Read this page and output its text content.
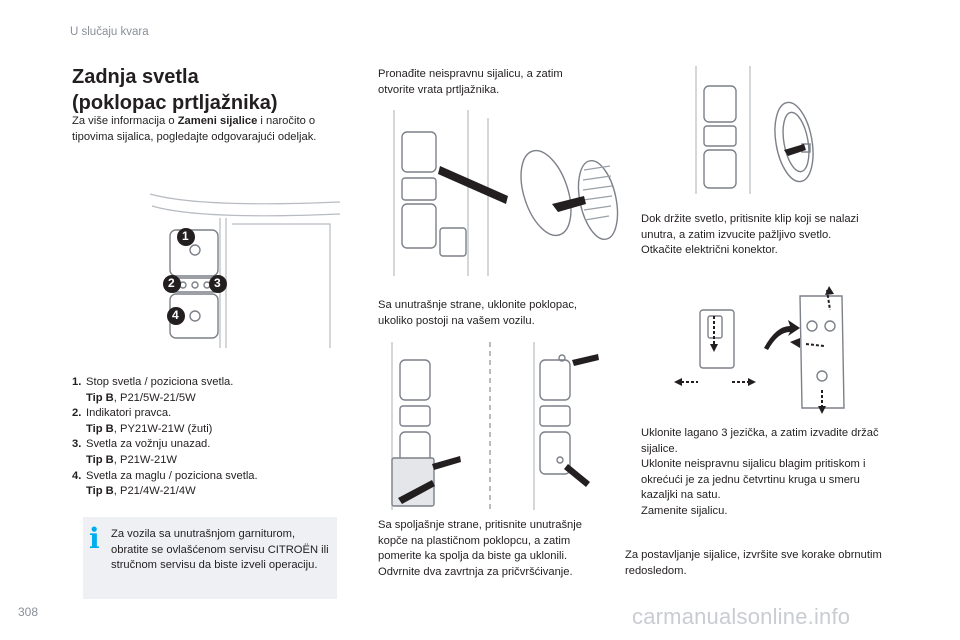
U slučaju kvara
308	carmanualsonline.info
Zadnja svetla
(poklopac prtljažnika)
Za više informacija o Zameni sijalice i naročito o tipovima sijalica, pogledajte odgovarajući odeljak.
1
2	3
4
1. Stop svetla / poziciona svetla.
Tip B, P21/5W-21/5W
2. Indikatori pravca.
Tip B, PY21W-21W (žuti)
3. Svetla za vožnju unazad.
Tip B, P21W-21W
4. Svetla za maglu / poziciona svetla.
Tip B, P21/4W-21/4W
i Za vozila sa unutrašnjom garniturom, obratite se ovlašćenom servisu CITROËN ili stručnom servisu da biste izveli operaciju.
Pronađite neispravnu sijalicu, a zatim otvorite vrata prtljažnika.
Sa unutrašnje strane, uklonite poklopac, ukoliko postoji na vašem vozilu.
Sa spoljašnje strane, pritisnite unutrašnje kopče na plastičnom poklopcu, a zatim pomerite ka spolja da biste ga uklonili.
Odvrnite dva zavrtnja za pričvršćivanje.
Dok držite svetlo, pritisnite klip koji se nalazi unutra, a zatim izvucite pažljivo svetlo.
Otkačite električni konektor.
Uklonite lagano 3 jezička, a zatim izvadite držač sijalice.
Uklonite neispravnu sijalicu blagim pritiskom i okrećući je za jednu četvrtinu kruga u smeru kazaljki na satu.
Zamenite sijalicu.
Za postavljanje sijalice, izvršite sve korake obrnutim redosledom.
